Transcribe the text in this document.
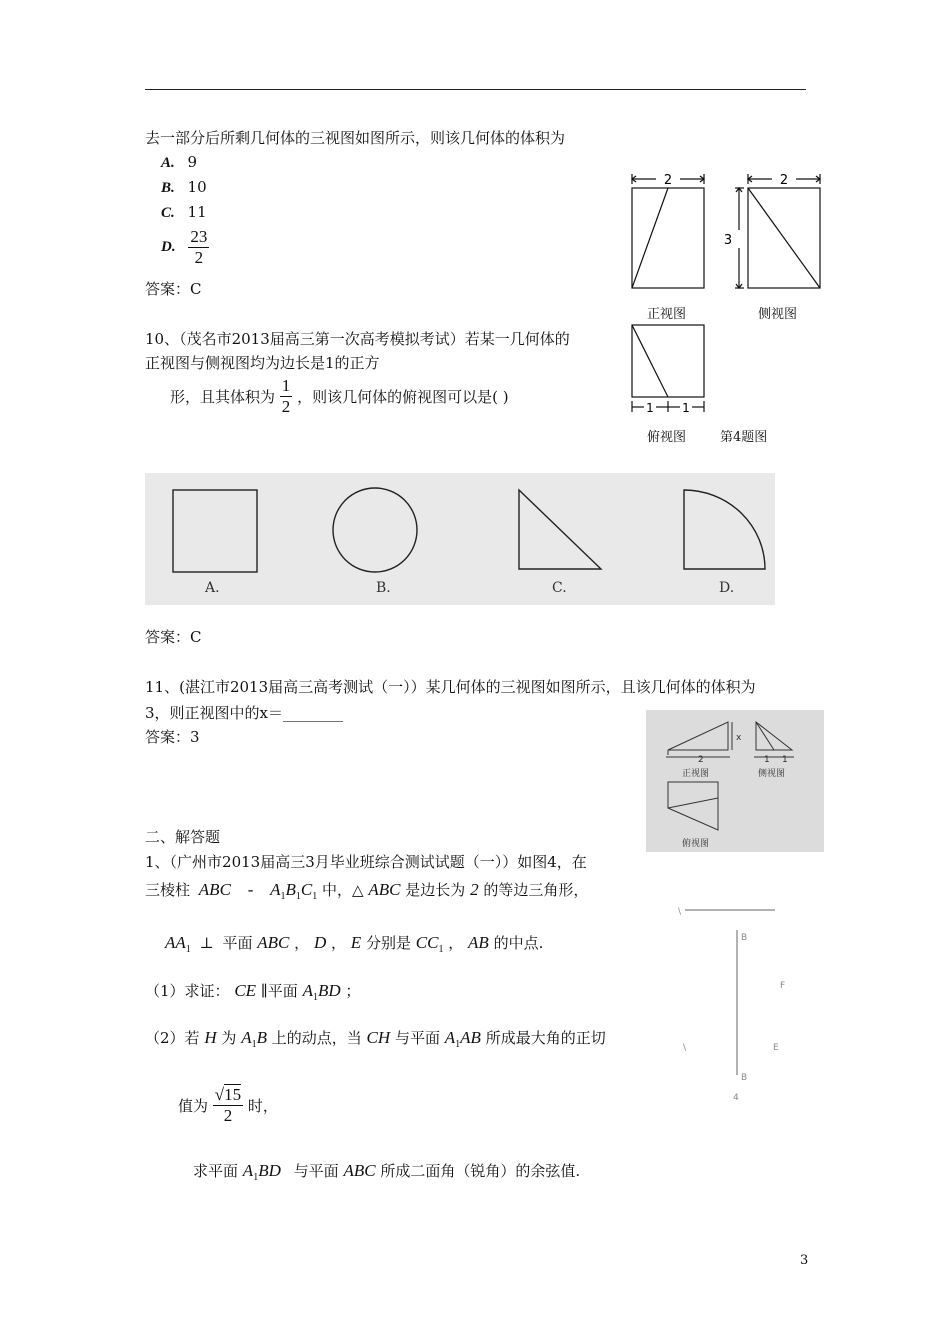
去一部分后所剩几何体的三视图如图所示，则该几何体的体积为
A. 9
B. 10
C. 11
D. $\frac{23}{2}$
答案：C
2	2
3
1 1
正视图	侧视图
俯视图	第4题图
10、（茂名市2013届高三第一次高考模拟考试）若某一几何体的
正视图与侧视图均为边长是1的正方
形，且其体积为 $\frac{1}{2}$ ，则该几何体的俯视图可以是( )
A.	B.	C.	D.
答案：C
11、(湛江市2013届高三高考测试（一））某几何体的三视图如图所示，且该几何体的体积为
3，则正视图中的x＝________
答案：3	x
2	1 1
正视图	侧视图
俯视图
二、解答题
1、（广州市2013届高三3月毕业班综合测试试题（一））如图4，在
三棱柱 ABC - $A_1B_1C_1$ 中，△ ABC 是边长为 2 的等边三角形，
$AA_1$ ⊥ 平面 ABC ， D ， E 分别是 $CC_1$ ， AB 的中点.
（1）求证： CE ∥平面 $A_1BD$ ；
（2）若 H 为 $A_1B$ 上的动点，当 CH 与平面 $A_1AB$ 所成最大角的正切
值为 $\frac{√15}{2}$ 时，
求平面 $A_1BD$ 与平面 ABC 所成二面角（锐角）的余弦值.
\
B
F
\	E
B
4
3
